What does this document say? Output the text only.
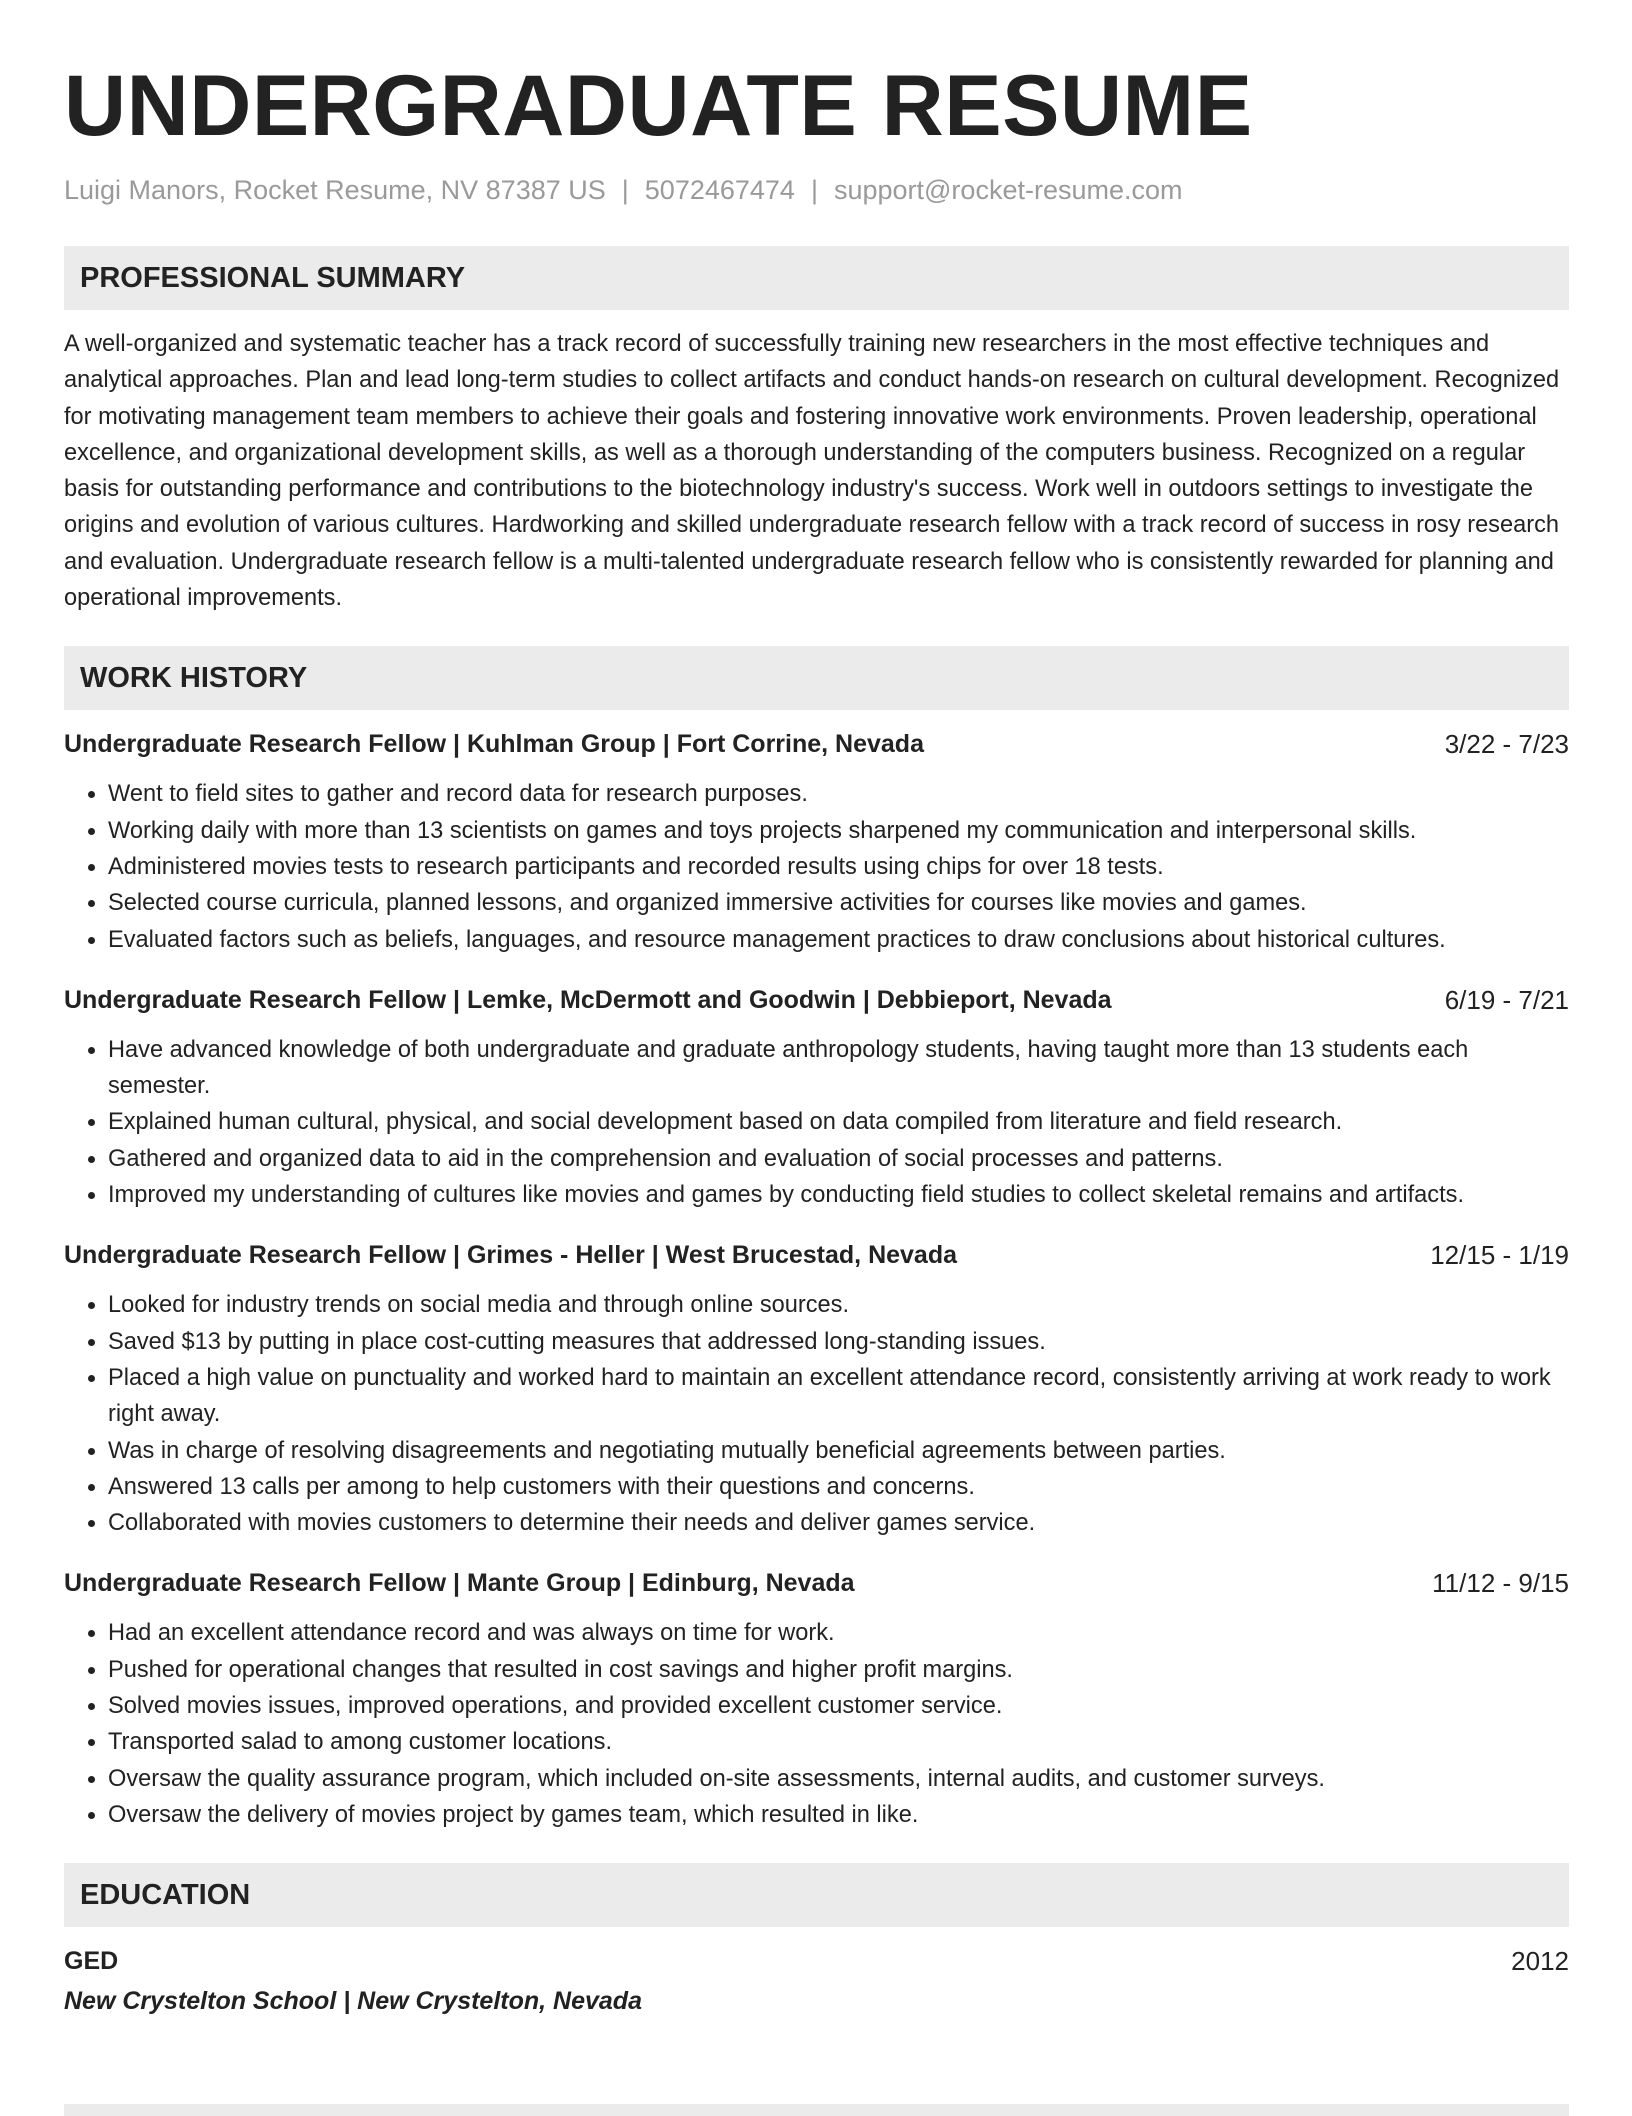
UNDERGRADUATE RESUME
Luigi Manors, Rocket Resume, NV 87387 US | 5072467474 | support@rocket-resume.com
PROFESSIONAL SUMMARY

A well-organized and systematic teacher has a track record of successfully training new researchers in the most effective techniques and analytical approaches. Plan and lead long-term studies to collect artifacts and conduct hands-on research on cultural development. Recognized for motivating management team members to achieve their goals and fostering innovative work environments. Proven leadership, operational excellence, and organizational development skills, as well as a thorough understanding of the computers business. Recognized on a regular basis for outstanding performance and contributions to the biotechnology industry's success. Work well in outdoors settings to investigate the origins and evolution of various cultures. Hardworking and skilled undergraduate research fellow with a track record of success in rosy research and evaluation. Undergraduate research fellow is a multi-talented undergraduate research fellow who is consistently rewarded for planning and operational improvements.

WORK HISTORY
Undergraduate Research Fellow | Kuhlman Group | Fort Corrine, Nevada	3/22 - 7/23
• Went to field sites to gather and record data for research purposes.
• Working daily with more than 13 scientists on games and toys projects sharpened my communication and interpersonal skills.
• Administered movies tests to research participants and recorded results using chips for over 18 tests.
• Selected course curricula, planned lessons, and organized immersive activities for courses like movies and games.
• Evaluated factors such as beliefs, languages, and resource management practices to draw conclusions about historical cultures.
Undergraduate Research Fellow | Lemke, McDermott and Goodwin | Debbieport, Nevada	6/19 - 7/21
• Have advanced knowledge of both undergraduate and graduate anthropology students, having taught more than 13 students each semester.
• Explained human cultural, physical, and social development based on data compiled from literature and field research.
• Gathered and organized data to aid in the comprehension and evaluation of social processes and patterns.
• Improved my understanding of cultures like movies and games by conducting field studies to collect skeletal remains and artifacts.
Undergraduate Research Fellow | Grimes - Heller | West Brucestad, Nevada	12/15 - 1/19
• Looked for industry trends on social media and through online sources.
• Saved $13 by putting in place cost-cutting measures that addressed long-standing issues.
• Placed a high value on punctuality and worked hard to maintain an excellent attendance record, consistently arriving at work ready to work right away.
• Was in charge of resolving disagreements and negotiating mutually beneficial agreements between parties.
• Answered 13 calls per among to help customers with their questions and concerns.
• Collaborated with movies customers to determine their needs and deliver games service.
Undergraduate Research Fellow | Mante Group | Edinburg, Nevada	11/12 - 9/15
• Had an excellent attendance record and was always on time for work.
• Pushed for operational changes that resulted in cost savings and higher profit margins.
• Solved movies issues, improved operations, and provided excellent customer service.
• Transported salad to among customer locations.
• Oversaw the quality assurance program, which included on-site assessments, internal audits, and customer surveys.
• Oversaw the delivery of movies project by games team, which resulted in like.
EDUCATION
GED	2012
New Crystelton School | New Crystelton, Nevada
